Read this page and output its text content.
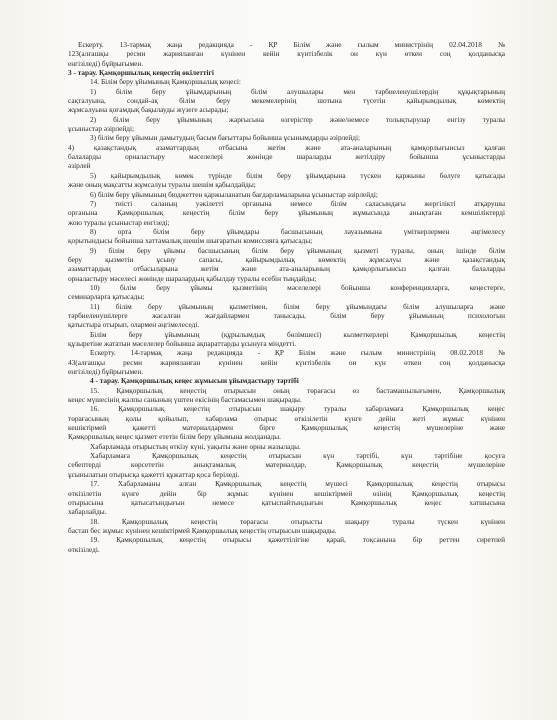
Ескерту. 13-тармақ жаңа редакцияда - ҚР Білім және ғылым министрінің 02.04.2018 №
123(алғашқы ресми жарияланған күнінен кейін күнтізбелік он күн өткен соң қолданысқа
енгізіледі) бұйрығымен.
3 - тарау. Қамқоршылық кеңестің өкілеттігі
14. Білім беру ұйымының Қамқоршылық кеңесі:
1) білім беру ұйымдарының білім алушылары мен тәрбиеленушілердің құқықтарының
сақталуына, сондай-ақ білім беру мекемелерінің шотына түсетін қайырымдылық көмектің
жұмсалуына қоғамдық бақылауды жүзеге асырады;
2) білім беру ұйымының жарғысына өзгерістер және/немесе толықтырулар енгізу туралы
ұсыныстар әзірлейді;
3) білім беру ұйымын дамытудың басым бағыттары бойынша ұсынымдарды әзірлейді;
4) қазақстандық азаматтардың отбасына жетім және ата-аналарының қамқорлығынсыз қалған
балаларды орналастыру мәселелері жөнінде шараларды жетілдіру бойынша ұсыныстарды
әзірлей
5) қайырымдылық көмек түрінде білім беру ұйымдарына түскен қаржыны бөлуге қатысады
және оның мақсатты жұмсалуы туралы шешім қабылдайды;
6) білім беру ұйымының бюджеттен қаржыланатын бағдарламаларына ұсыныстар әзірлейді;
7) тиісті саланың уәкілетті органына немесе білім саласындағы жергілікті атқарушы
органына Қамқоршылық кеңестің білім беру ұйымының жұмысында анықтаған кемшіліктерді
жою туралы ұсыныстар енгізеді;
8) орта білім беру ұйымдары басшысының лауазымына үміткерлермен әңгімелесу
қорытындысы бойынша хаттамалық шешім шығаратын комиссияға қатысады;
9) білім беру ұйымы басшысының білім беру ұйымының қызметі туралы, оның ішінде білім
беру қызметін ұсыну сапасы, қайырымдылық көмектің жұмсалуы және қазақстандық
азаматтардың отбасыларына жетім және ата-аналарының қамқорлығынсыз қалған балаларды
орналастыру мәселесі жөнінде шаралардың қабылдау туралы есебін тыңдайды;
10) білім беру ұйымы қызметінің мәселелері бойынша конференцияларға, кеңестерге,
семинарларға қатысады;
11) білім беру ұйымының қызметімен, білім беру ұйымындағы білім алушыларға және
тәрбиеленушілерге жасалған жағдайлармен танысады, білім беру ұйымының психологын
қатыстыра отырып, олармен әңгімелеседі.
Білім беру ұйымының (құрылымдық бөлімшесі) кызметкерлері Қамқоршылық кеңестің
құзыретіне жататын мәселелер бойынша ақпараттарды ұсынуға міндетті.
Ескерту. 14-тармақ жаңа редакцияда - ҚР Білім және ғылым министрінің 08.02.2018 №
43(алғашқы ресми жарияланған күнінен кейін күнтізбелік он күн өткен соң қолданысқа
енгізіледі) бұйрығымен.
4 - тарау. Қамқоршылық кеңес жұмысын ұйымдастыру тәртібі
15. Қамқоршылық кеңестің отырысын оның төрағасы өз бастамашылығымен, Қамқоршылық
кеңес мүшесінің жалпы санының үштен екісінің бастамасымен шақырады.
16. Қамқоршылық кеңестің отырысын шақыру туралы хабарламаға Қамқоршылық кеңес
төрағасының қолы қойылып, хабарлама отырыс өткізілетін күнге дейін жеті жұмыс күнінен
кешіктірмей қажетті материалдармен бірге Қамқоршылық кеңестің мүшелеріне және
Қамқоршылық кеңес қызмет ететін білім беру ұйымына жолданады.
Хабарламада отырыстың өткізу күні, уақыты және орны жазылады.
Хабарламаға Қамқоршылық кеңестің отырысын күн тәртібі, күн тәртібіне қосуға
себептерді көрсететін анықтамалық материалдар, Қамқоршылық кеңестің мүшелеріне
ұсынылатын отырысқа қажетті құжаттар қоса беріледі.
17. Хабарламаны алған Қамқоршылық кеңестің мүшесі Қамқоршылық кеңестің отырысы
өткізілетін күнге дейін бір жұмыс күнінен кешіктірмей өзінің Қамқоршылық кеңестің
отырысына қатысатындығын немесе қатыспайтындығын Қамқоршылық кеңес хатшысына
хабарлайды.
18. Қамқоршылық кеңестің төрағасы отырысты шақыру туралы түскен күнінен
бастап бес жұмыс күнінен кешіктірмей Қамқоршылық кеңестің отырысын шақырады.
19. Қамқоршылық кеңестің отырысы қажеттілігіне қарай, тоқсанына бір реттен сиретпей
өткізіледі.
